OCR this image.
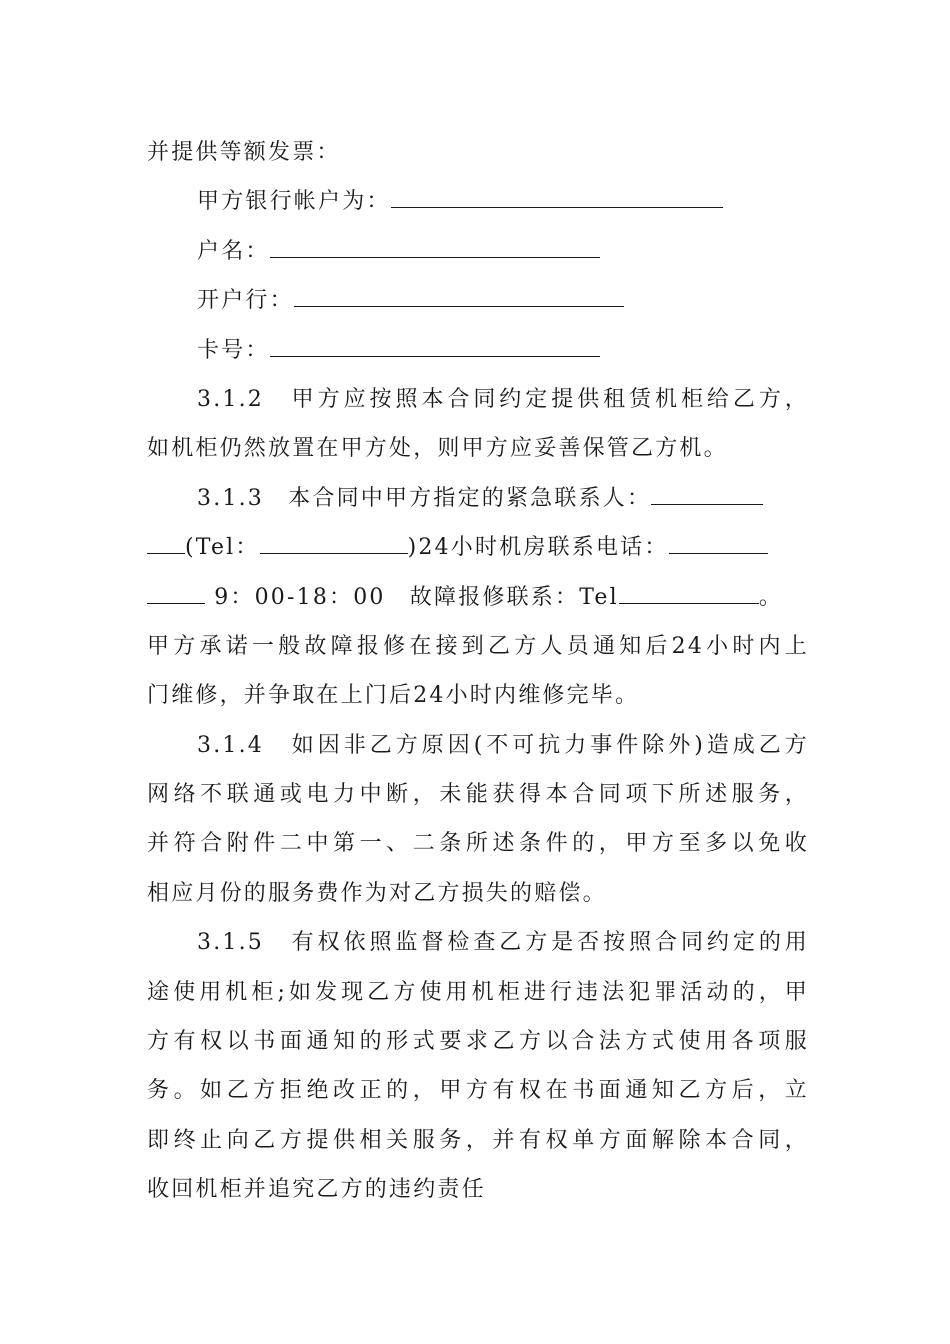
并提供等额发票：
甲方银行帐户为：
户名：
开户行：
卡号：
3.1.2　甲方应按照本合同约定提供租赁机柜给乙方，
如机柜仍然放置在甲方处，则甲方应妥善保管乙方机。
3.1.3　本合同中甲方指定的紧急联系人：
(Tel：	)24小时机房联系电话：
9：00-18：00　故障报修联系：Tel	。
甲方承诺一般故障报修在接到乙方人员通知后24小时内上
门维修，并争取在上门后24小时内维修完毕。
3.1.4　如因非乙方原因(不可抗力事件除外)造成乙方
网络不联通或电力中断，未能获得本合同项下所述服务，
并符合附件二中第一、二条所述条件的，甲方至多以免收
相应月份的服务费作为对乙方损失的赔偿。
3.1.5　有权依照监督检查乙方是否按照合同约定的用
途使用机柜;如发现乙方使用机柜进行违法犯罪活动的，甲
方有权以书面通知的形式要求乙方以合法方式使用各项服
务。如乙方拒绝改正的，甲方有权在书面通知乙方后，立
即终止向乙方提供相关服务，并有权单方面解除本合同，
收回机柜并追究乙方的违约责任
